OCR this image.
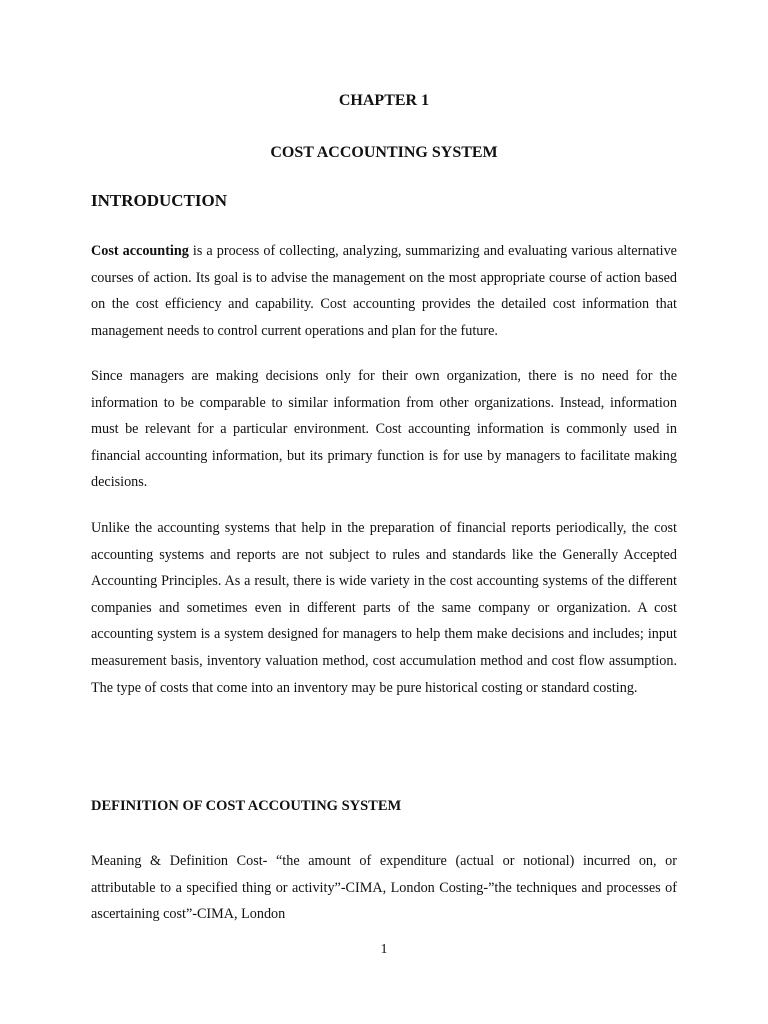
CHAPTER 1
COST ACCOUNTING SYSTEM
INTRODUCTION
Cost accounting is a process of collecting, analyzing, summarizing and evaluating various alternative courses of action. Its goal is to advise the management on the most appropriate course of action based on the cost efficiency and capability. Cost accounting provides the detailed cost information that management needs to control current operations and plan for the future.
Since managers are making decisions only for their own organization, there is no need for the information to be comparable to similar information from other organizations. Instead, information must be relevant for a particular environment. Cost accounting information is commonly used in financial accounting information, but its primary function is for use by managers to facilitate making decisions.
Unlike the accounting systems that help in the preparation of financial reports periodically, the cost accounting systems and reports are not subject to rules and standards like the Generally Accepted Accounting Principles. As a result, there is wide variety in the cost accounting systems of the different companies and sometimes even in different parts of the same company or organization. A cost accounting system is a system designed for managers to help them make decisions and includes; input measurement basis, inventory valuation method, cost accumulation method and cost flow assumption. The type of costs that come into an inventory may be pure historical costing or standard costing.
DEFINITION OF COST ACCOUTING SYSTEM
Meaning & Definition Cost- “the amount of expenditure (actual or notional) incurred on, or attributable to a specified thing or activity”-CIMA, London Costing-”the techniques and processes of ascertaining cost”-CIMA, London
1
